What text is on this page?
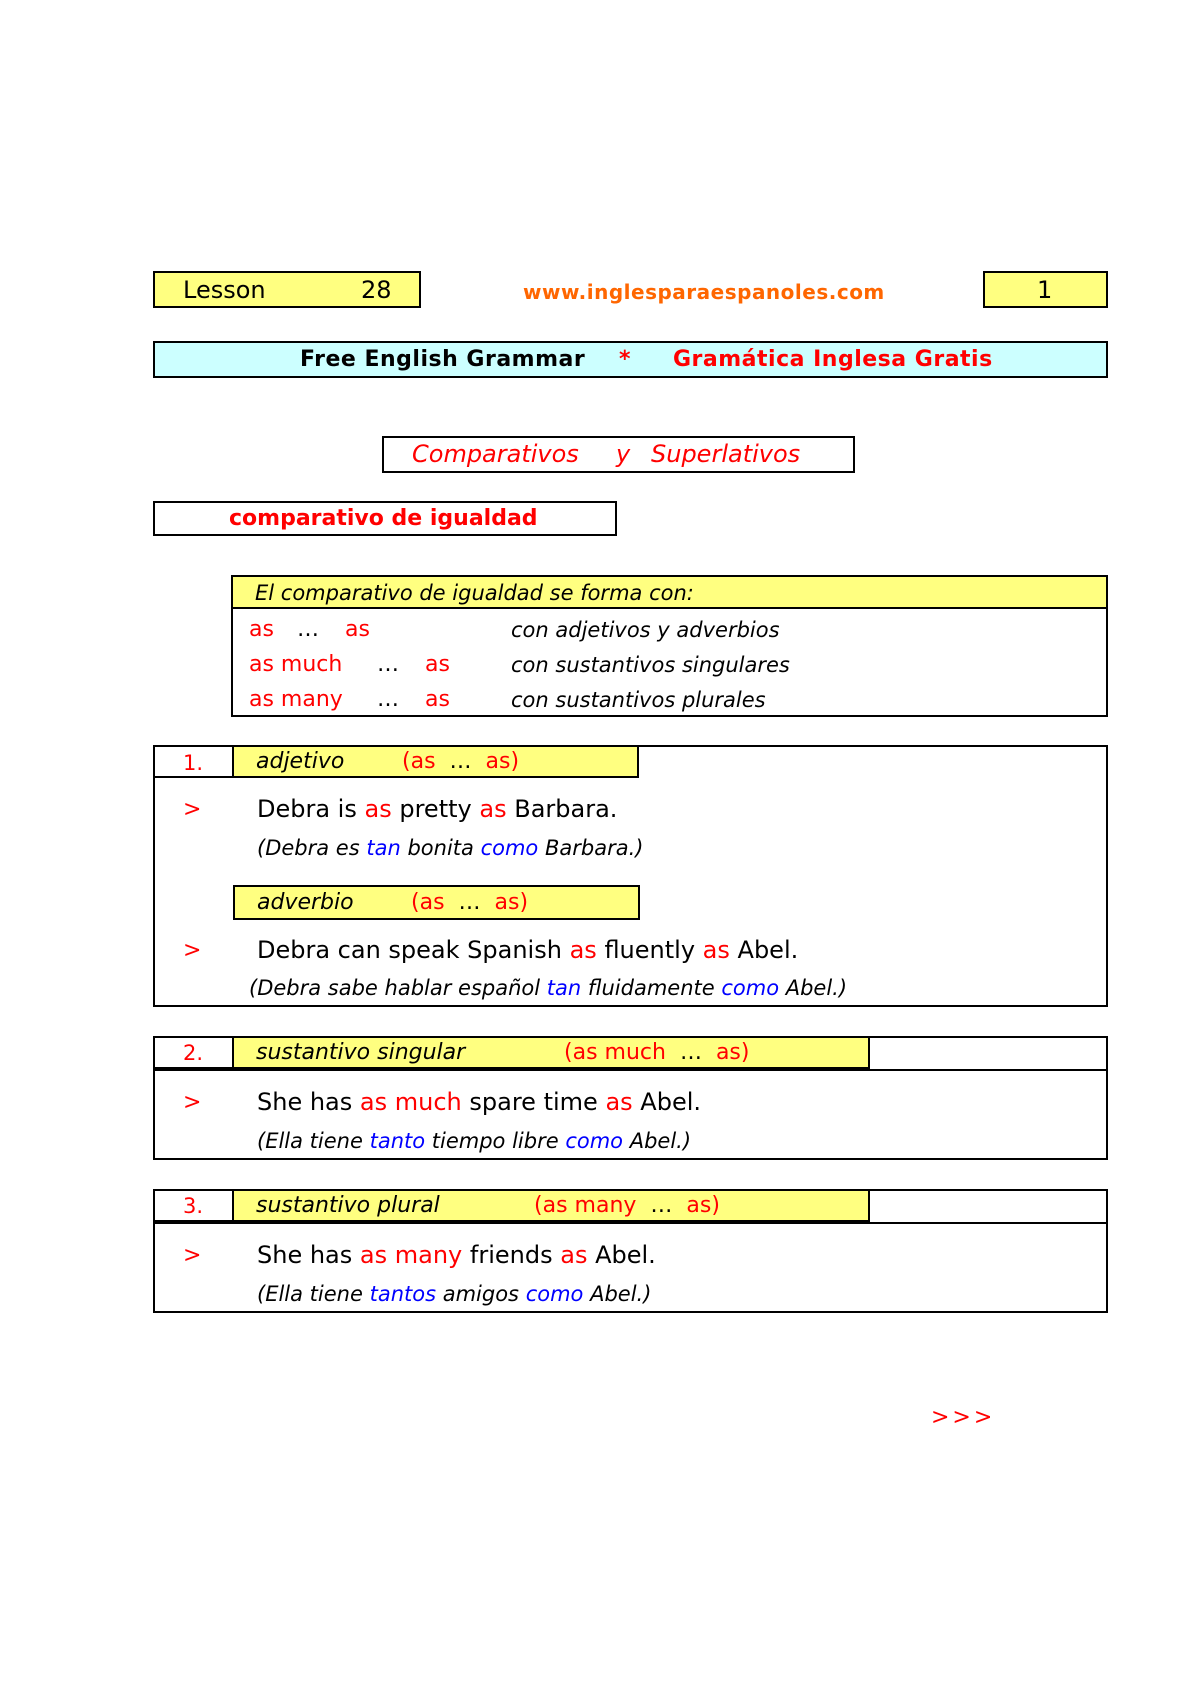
Lesson	28	www.inglesparaespanoles.com	1
Free English Grammar * Gramática Inglesa Gratis
Comparativos y Superlativos
comparativo de igualdad
El comparativo de igualdad se forma con:
as … as	con adjetivos y adverbios
as much … as	con sustantivos singulares
as many … as	con sustantivos plurales
1. adjetivo	(as … as)
> Debra is as pretty as Barbara.
(Debra es tan bonita como Barbara.)
adverbio	(as … as)
> Debra can speak Spanish as fluently as Abel.
(Debra sabe hablar español tan fluidamente como Abel.)
2. sustantivo singular	(as much … as)
> She has as much spare time as Abel.
(Ella tiene tanto tiempo libre como Abel.)
3. sustantivo plural	(as many … as)
> She has as many friends as Abel.
(Ella tiene tantos amigos como Abel.)
>>>
